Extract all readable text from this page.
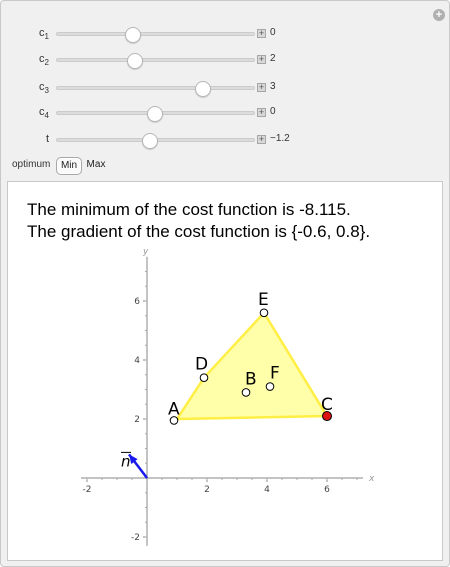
+
$c_1$	+ 0
$c_2$	+ 2
$c_3$	+ 3
$c_4$	+ 0
t	+ −1.2
optimum	Min Max
The minimum of the cost function is -8.115.
The gradient of the cost function is {-0.6, 0.8}.
x
y
-2	2	4	6
-2
2
4
6
A
B
C
D
E
F
n
